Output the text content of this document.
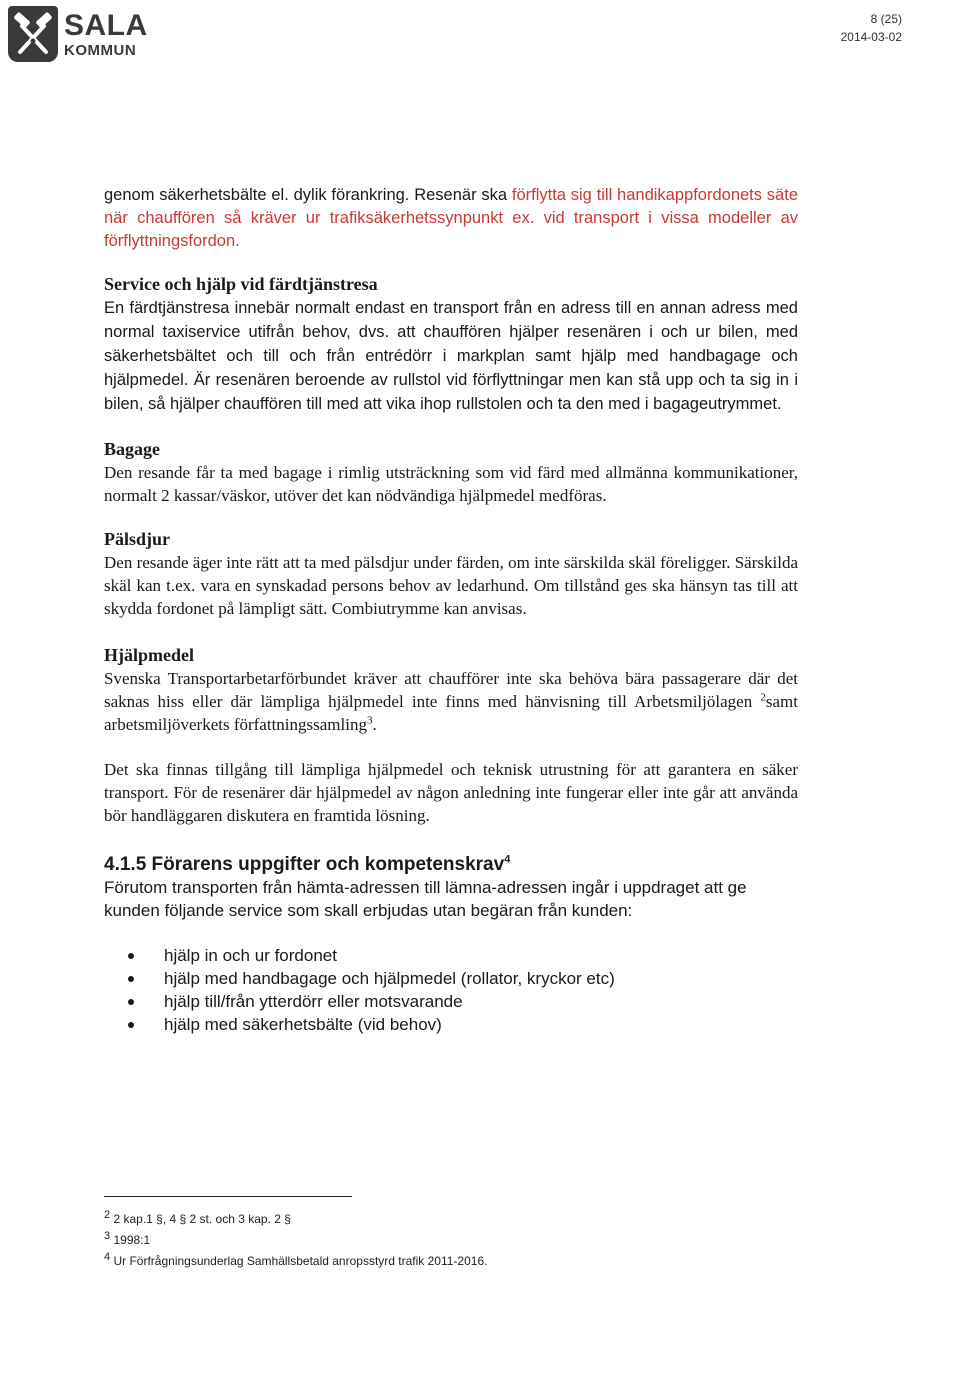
SALA
KOMMUN
8 (25)
2014-03-02

genom säkerhetsbälte el. dylik förankring. Resenär ska förflytta sig till handikappfordonets säte när chauffören så kräver ur trafiksäkerhetssynpunkt ex. vid transport i vissa modeller av förflyttningsfordon.

Service och hjälp vid färdtjänstresa

En färdtjänstresa innebär normalt endast en transport från en adress till en annan adress med normal taxiservice utifrån behov, dvs. att chauffören hjälper resenären i och ur bilen, med säkerhetsbältet och till och från entrédörr i markplan samt hjälp med handbagage och hjälpmedel. Är resenären beroende av rullstol vid förflyttningar men kan stå upp och ta sig in i bilen, så hjälper chauffören till med att vika ihop rullstolen och ta den med i bagageutrymmet.

Bagage

Den resande får ta med bagage i rimlig utsträckning som vid färd med allmänna kommunikationer, normalt 2 kassar/väskor, utöver det kan nödvändiga hjälpmedel medföras.

Pälsdjur

Den resande äger inte rätt att ta med pälsdjur under färden, om inte särskilda skäl föreligger. Särskilda skäl kan t.ex. vara en synskadad persons behov av ledarhund. Om tillstånd ges ska hänsyn tas till att skydda fordonet på lämpligt sätt. Combiutrymme kan anvisas.

Hjälpmedel

Svenska Transportarbetarförbundet kräver att chaufförer inte ska behöva bära passagerare där det saknas hiss eller där lämpliga hjälpmedel inte finns med hänvisning till Arbetsmiljölagen $^2$samt arbetsmiljöverkets författningssamling$^3$.

Det ska finnas tillgång till lämpliga hjälpmedel och teknisk utrustning för att garantera en säker transport. För de resenärer där hjälpmedel av någon anledning inte fungerar eller inte går att använda bör handläggaren diskutera en framtida lösning.

4.1.5 Förarens uppgifter och kompetenskrav$^4$

Förutom transporten från hämta-adressen till lämna-adressen ingår i uppdraget att ge kunden följande service som skall erbjudas utan begäran från kunden:

hjälp in och ur fordonet
hjälp med handbagage och hjälpmedel (rollator, kryckor etc)
hjälp till/från ytterdörr eller motsvarande
hjälp med säkerhetsbälte (vid behov)
$^2$ 2 kap.1 §, 4 § 2 st. och 3 kap. 2 §
$^3$ 1998:1
$^4$ Ur Förfrågningsunderlag Samhällsbetald anropsstyrd trafik 2011-2016.
